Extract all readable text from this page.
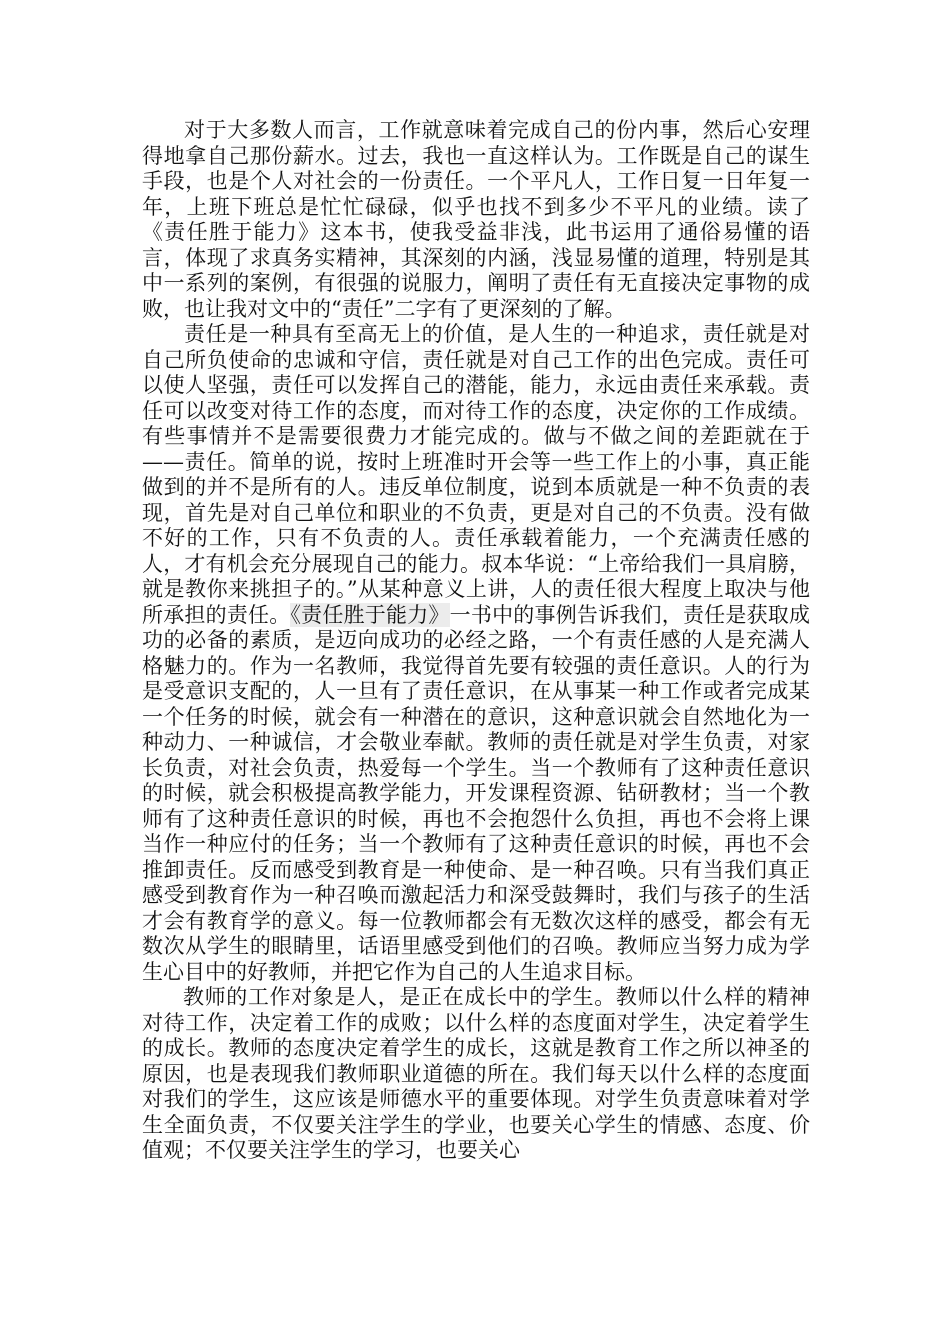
对于大多数人而言，工作就意味着完成自己的份内事，然后心安理得地拿自己那份薪水。过去，我也一直这样认为。工作既是自己的谋生手段，也是个人对社会的一份责任。一个平凡人，工作日复一日年复一年，上班下班总是忙忙碌碌，似乎也找不到多少不平凡的业绩。读了《责任胜于能力》这本书，使我受益非浅，此书运用了通俗易懂的语言，体现了求真务实精神，其深刻的内涵，浅显易懂的道理，特别是其中一系列的案例，有很强的说服力，阐明了责任有无直接决定事物的成败，也让我对文中的“责任”二字有了更深刻的了解。

责任是一种具有至高无上的价值，是人生的一种追求，责任就是对自己所负使命的忠诚和守信，责任就是对自己工作的出色完成。责任可以使人坚强，责任可以发挥自己的潜能，能力，永远由责任来承载。责任可以改变对待工作的态度，而对待工作的态度，决定你的工作成绩。有些事情并不是需要很费力才能完成的。做与不做之间的差距就在于——责任。简单的说，按时上班准时开会等一些工作上的小事，真正能做到的并不是所有的人。违反单位制度，说到本质就是一种不负责的表现，首先是对自己单位和职业的不负责，更是对自己的不负责。没有做不好的工作，只有不负责的人。责任承载着能力，一个充满责任感的人，才有机会充分展现自己的能力。叔本华说：“上帝给我们一具肩膀，就是教你来挑担子的。”从某种意义上讲，人的责任很大程度上取决与他所承担的责任。《责任胜于能力》一书中的事例告诉我们，责任是获取成功的必备的素质，是迈向成功的必经之路，一个有责任感的人是充满人格魅力的。作为一名教师，我觉得首先要有较强的责任意识。人的行为是受意识支配的，人一旦有了责任意识，在从事某一种工作或者完成某一个任务的时候，就会有一种潜在的意识，这种意识就会自然地化为一种动力、一种诚信，才会敬业奉献。教师的责任就是对学生负责，对家长负责，对社会负责，热爱每一个学生。当一个教师有了这种责任意识的时候，就会积极提高教学能力，开发课程资源、钻研教材；当一个教师有了这种责任意识的时候，再也不会抱怨什么负担，再也不会将上课当作一种应付的任务；当一个教师有了这种责任意识的时候，再也不会推卸责任。反而感受到教育是一种使命、是一种召唤。只有当我们真正感受到教育作为一种召唤而激起活力和深受鼓舞时，我们与孩子的生活才会有教育学的意义。每一位教师都会有无数次这样的感受，都会有无数次从学生的眼睛里，话语里感受到他们的召唤。教师应当努力成为学生心目中的好教师，并把它作为自己的人生追求目标。

教师的工作对象是人，是正在成长中的学生。教师以什么样的精神对待工作，决定着工作的成败；以什么样的态度面对学生，决定着学生的成长。教师的态度决定着学生的成长，这就是教育工作之所以神圣的原因，也是表现我们教师职业道德的所在。我们每天以什么样的态度面对我们的学生，这应该是师德水平的重要体现。对学生负责意味着对学生全面负责，不仅要关注学生的学业，也要关心学生的情感、态度、价值观；不仅要关注学生的学习，也要关心
